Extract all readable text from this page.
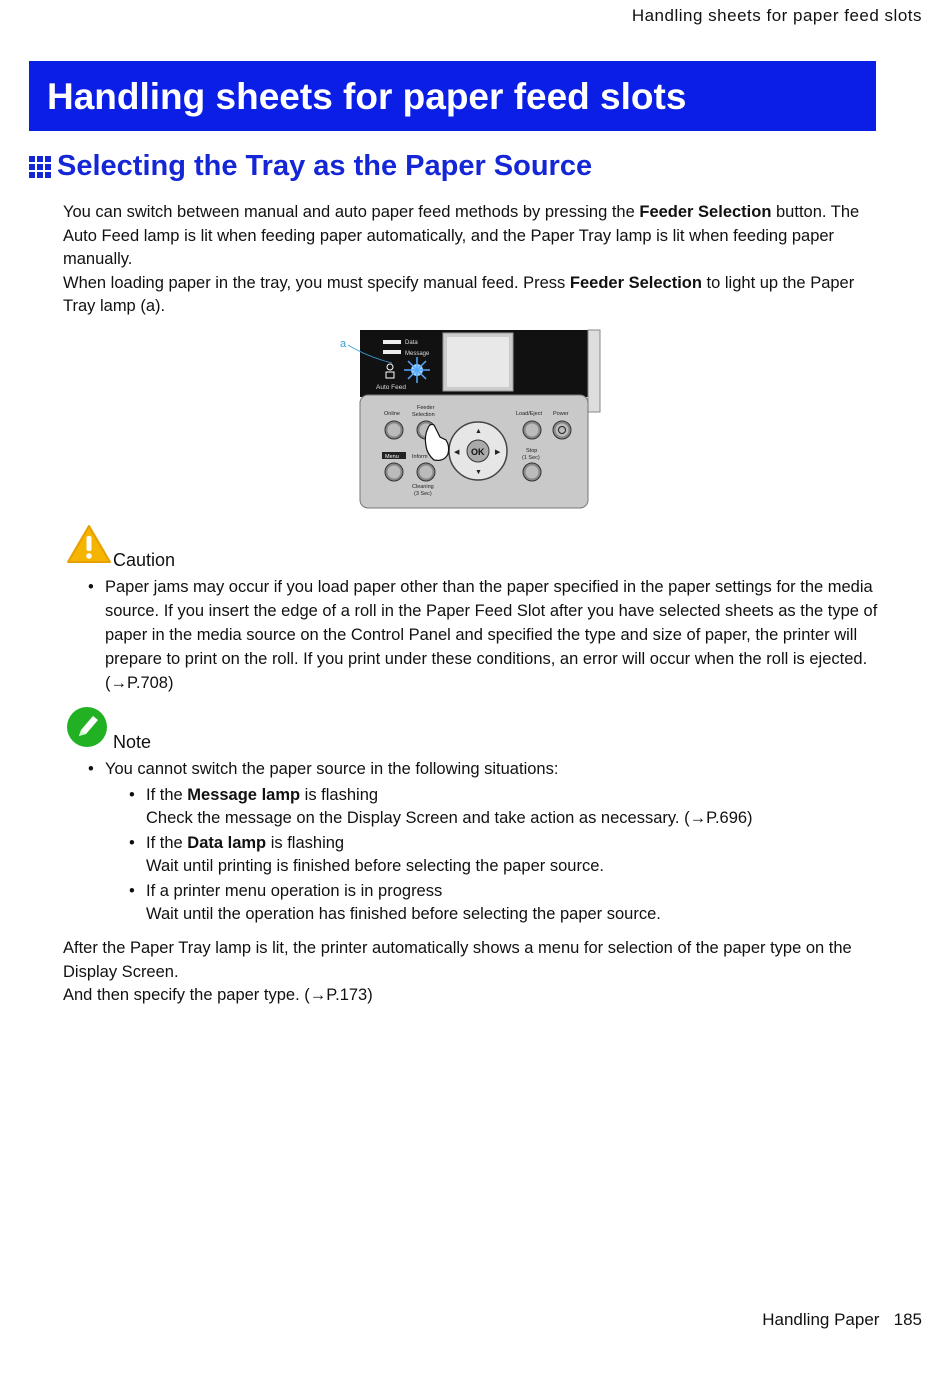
Handling sheets for paper feed slots
Handling sheets for paper feed slots
Selecting the Tray as the Paper Source

You can switch between manual and auto paper feed methods by pressing the Feeder Selection button. The Auto Feed lamp is lit when feeding paper automatically, and the Paper Tray lamp is lit when feeding paper manually.

When loading paper in the tray, you must specify manual feed. Press Feeder Selection to light up the Paper Tray lamp (a).

Data
Message
Auto Feed
a
Online
Feeder
Selection	Load/Eject Power
Menu Inform
Cleaning
(3 Sec)
OK
▲
▼
◀	▶	Stop
(1 Sec)
Caution
• Paper jams may occur if you load paper other than the paper specified in the paper settings for the media source. If you insert the edge of a roll in the Paper Feed Slot after you have selected sheets as the type of paper in the media source on the Control Panel and specified the type and size of paper, the printer will prepare to print on the roll. If you print under these conditions, an error will occur when the roll is ejected. (→P.708)
Note
• You cannot switch the paper source in the following situations:
• If the Message lamp is flashing
Check the message on the Display Screen and take action as necessary. (→P.696)
• If the Data lamp is flashing
Wait until printing is finished before selecting the paper source.
• If a printer menu operation is in progress
Wait until the operation has finished before selecting the paper source.

After the Paper Tray lamp is lit, the printer automatically shows a menu for selection of the paper type on the Display Screen.

And then specify the paper type. (→P.173)

Handling Paper 185
